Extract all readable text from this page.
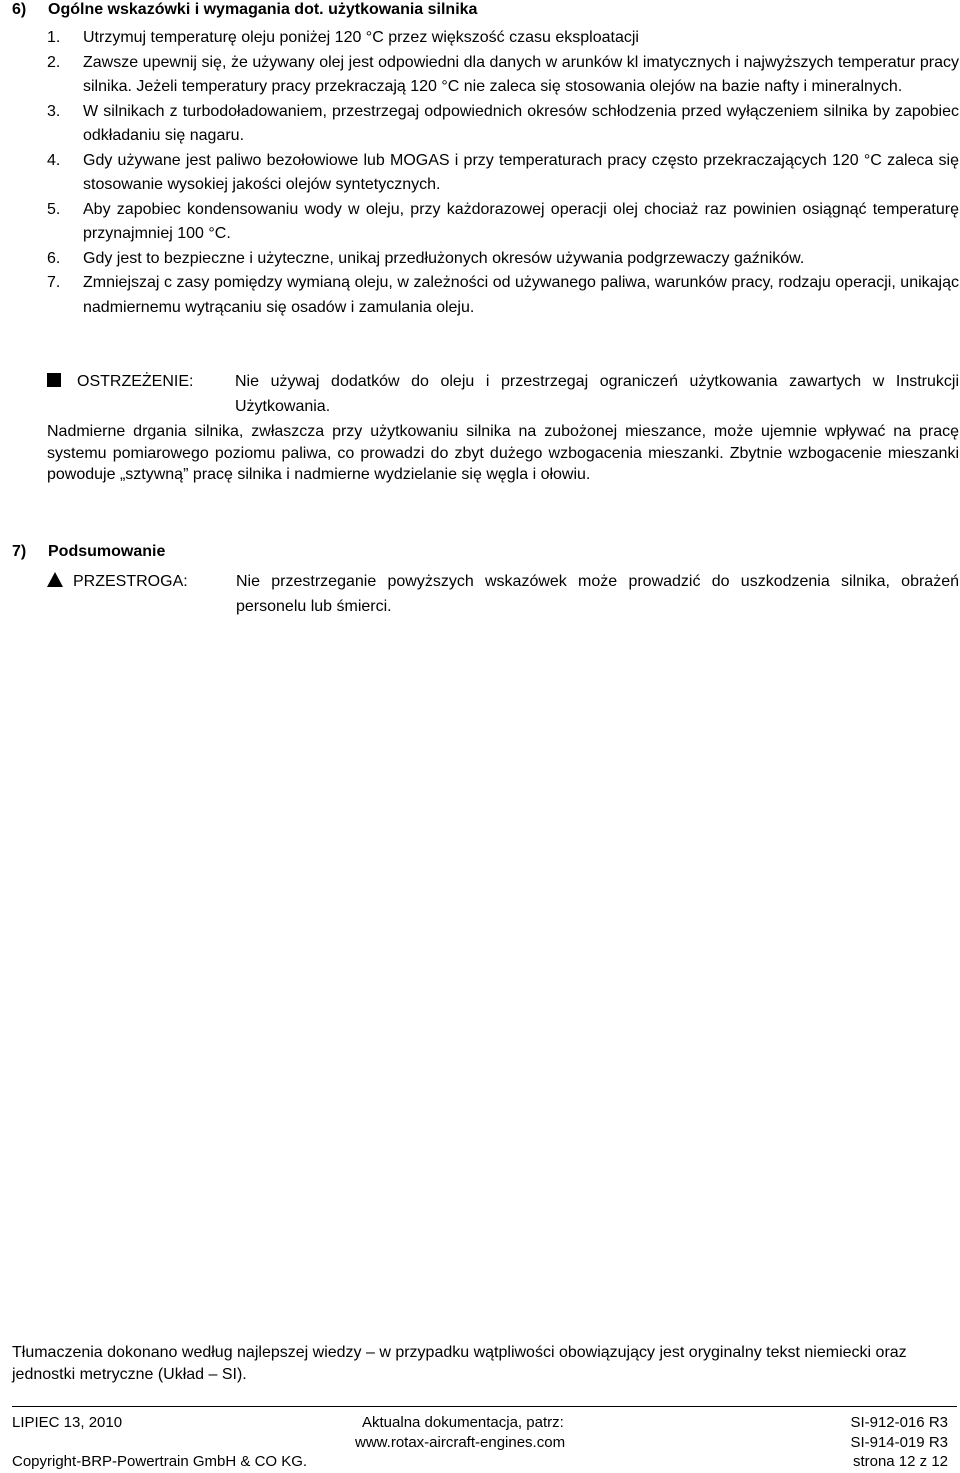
6) Ogólne wskazówki i wymagania dot. użytkowania silnika
1.	Utrzymuj temperaturę oleju poniżej 120 °C przez większość czasu eksploatacji
2.	Zawsze upewnij się, że używany olej jest odpowiedni dla danych w arunków kl imatycznych i najwyższych temperatur pracy silnika. Jeżeli temperatury pracy przekraczają 120 °C nie zaleca się stosowania olejów na bazie nafty i mineralnych.
3.	W silnikach z turbodoładowaniem, przestrzegaj odpowiednich okresów schłodzenia przed wyłączeniem silnika by zapobiec odkładaniu się nagaru.
4.	Gdy używane jest paliwo bezołowiowe lub MOGAS i przy temperaturach pracy często przekraczających 120 °C zaleca się stosowanie wysokiej jakości olejów syntetycznych.
5.	Aby zapobiec kondensowaniu wody w oleju, przy każdorazowej operacji olej chociaż raz powinien osiągnąć temperaturę przynajmniej 100 °C.
6.	Gdy jest to bezpieczne i użyteczne, unikaj przedłużonych okresów używania podgrzewaczy gaźników.
7.	Zmniejszaj c zasy pomiędzy wymianą oleju, w zależności od używanego paliwa, warunków pracy, rodzaju operacji, unikając nadmiernemu wytrącaniu się osadów i zamulania oleju.
OSTRZEŻENIE:	Nie używaj dodatków do oleju i przestrzegaj ograniczeń użytkowania zawartych w Instrukcji Użytkowania.
Nadmierne drgania silnika, zwłaszcza przy użytkowaniu silnika na zubożonej mieszance, może ujemnie wpływać na pracę systemu pomiarowego poziomu paliwa, co prowadzi do zbyt dużego wzbogacenia mieszanki. Zbytnie wzbogacenie mieszanki powoduje „sztywną” pracę silnika i nadmierne wydzielanie się węgla i ołowiu.
7) Podsumowanie
PRZESTROGA:	Nie przestrzeganie powyższych wskazówek może prowadzić do uszkodzenia silnika, obrażeń personelu lub śmierci.
Tłumaczenia dokonano według najlepszej wiedzy – w przypadku wątpliwości obowiązujący jest oryginalny tekst niemiecki oraz jednostki metryczne (Układ – SI).
LIPIEC 13, 2010	Aktualna dokumentacja, patrz:
www.rotax-aircraft-engines.com
SI-912-016 R3
SI-914-019 R3
Copyright-BRP-Powertrain GmbH & CO KG.	strona 12 z 12
